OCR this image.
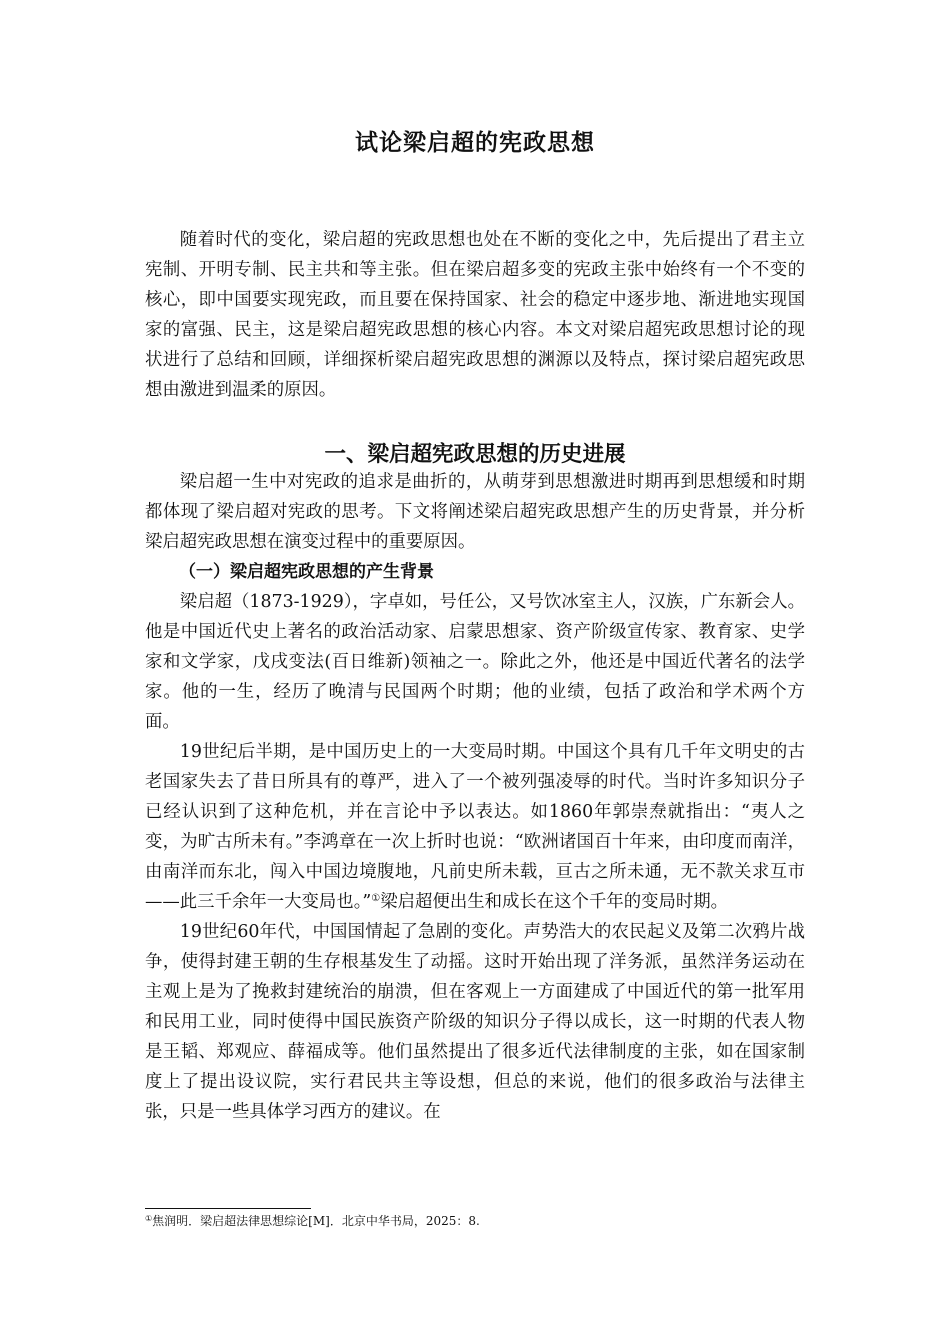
试论梁启超的宪政思想

随着时代的变化，梁启超的宪政思想也处在不断的变化之中，先后提出了君主立宪制、开明专制、民主共和等主张。但在梁启超多变的宪政主张中始终有一个不变的核心，即中国要实现宪政，而且要在保持国家、社会的稳定中逐步地、渐进地实现国家的富强、民主，这是梁启超宪政思想的核心内容。本文对梁启超宪政思想讨论的现状进行了总结和回顾，详细探析梁启超宪政思想的渊源以及特点，探讨梁启超宪政思想由激进到温柔的原因。

一、梁启超宪政思想的历史进展

梁启超一生中对宪政的追求是曲折的，从萌芽到思想激进时期再到思想缓和时期都体现了梁启超对宪政的思考。下文将阐述梁启超宪政思想产生的历史背景，并分析梁启超宪政思想在演变过程中的重要原因。

（一）梁启超宪政思想的产生背景

梁启超（1873-1929），字卓如，号任公，又号饮冰室主人，汉族，广东新会人。他是中国近代史上著名的政治活动家、启蒙思想家、资产阶级宣传家、教育家、史学家和文学家，戊戌变法(百日维新)领袖之一。除此之外，他还是中国近代著名的法学家。他的一生，经历了晚清与民国两个时期；他的业绩，包括了政治和学术两个方面。

19世纪后半期，是中国历史上的一大变局时期。中国这个具有几千年文明史的古老国家失去了昔日所具有的尊严，进入了一个被列强凌辱的时代。当时许多知识分子已经认识到了这种危机，并在言论中予以表达。如1860年郭崇焘就指出：“夷人之变，为旷古所未有。”李鸿章在一次上折时也说：“欧洲诸国百十年来，由印度而南洋，由南洋而东北，闯入中国边境腹地，凡前史所未载，亘古之所未通，无不款关求互市——此三千余年一大变局也。”①梁启超便出生和成长在这个千年的变局时期。

19世纪60年代，中国国情起了急剧的变化。声势浩大的农民起义及第二次鸦片战争，使得封建王朝的生存根基发生了动摇。这时开始出现了洋务派，虽然洋务运动在主观上是为了挽救封建统治的崩溃，但在客观上一方面建成了中国近代的第一批军用和民用工业，同时使得中国民族资产阶级的知识分子得以成长，这一时期的代表人物是王韬、郑观应、薛福成等。他们虽然提出了很多近代法律制度的主张，如在国家制度上了提出设议院，实行君民共主等设想，但总的来说，他们的很多政治与法律主张，只是一些具体学习西方的建议。在

①焦润明．梁启超法律思想综论[M]．北京中华书局，2025：8.
